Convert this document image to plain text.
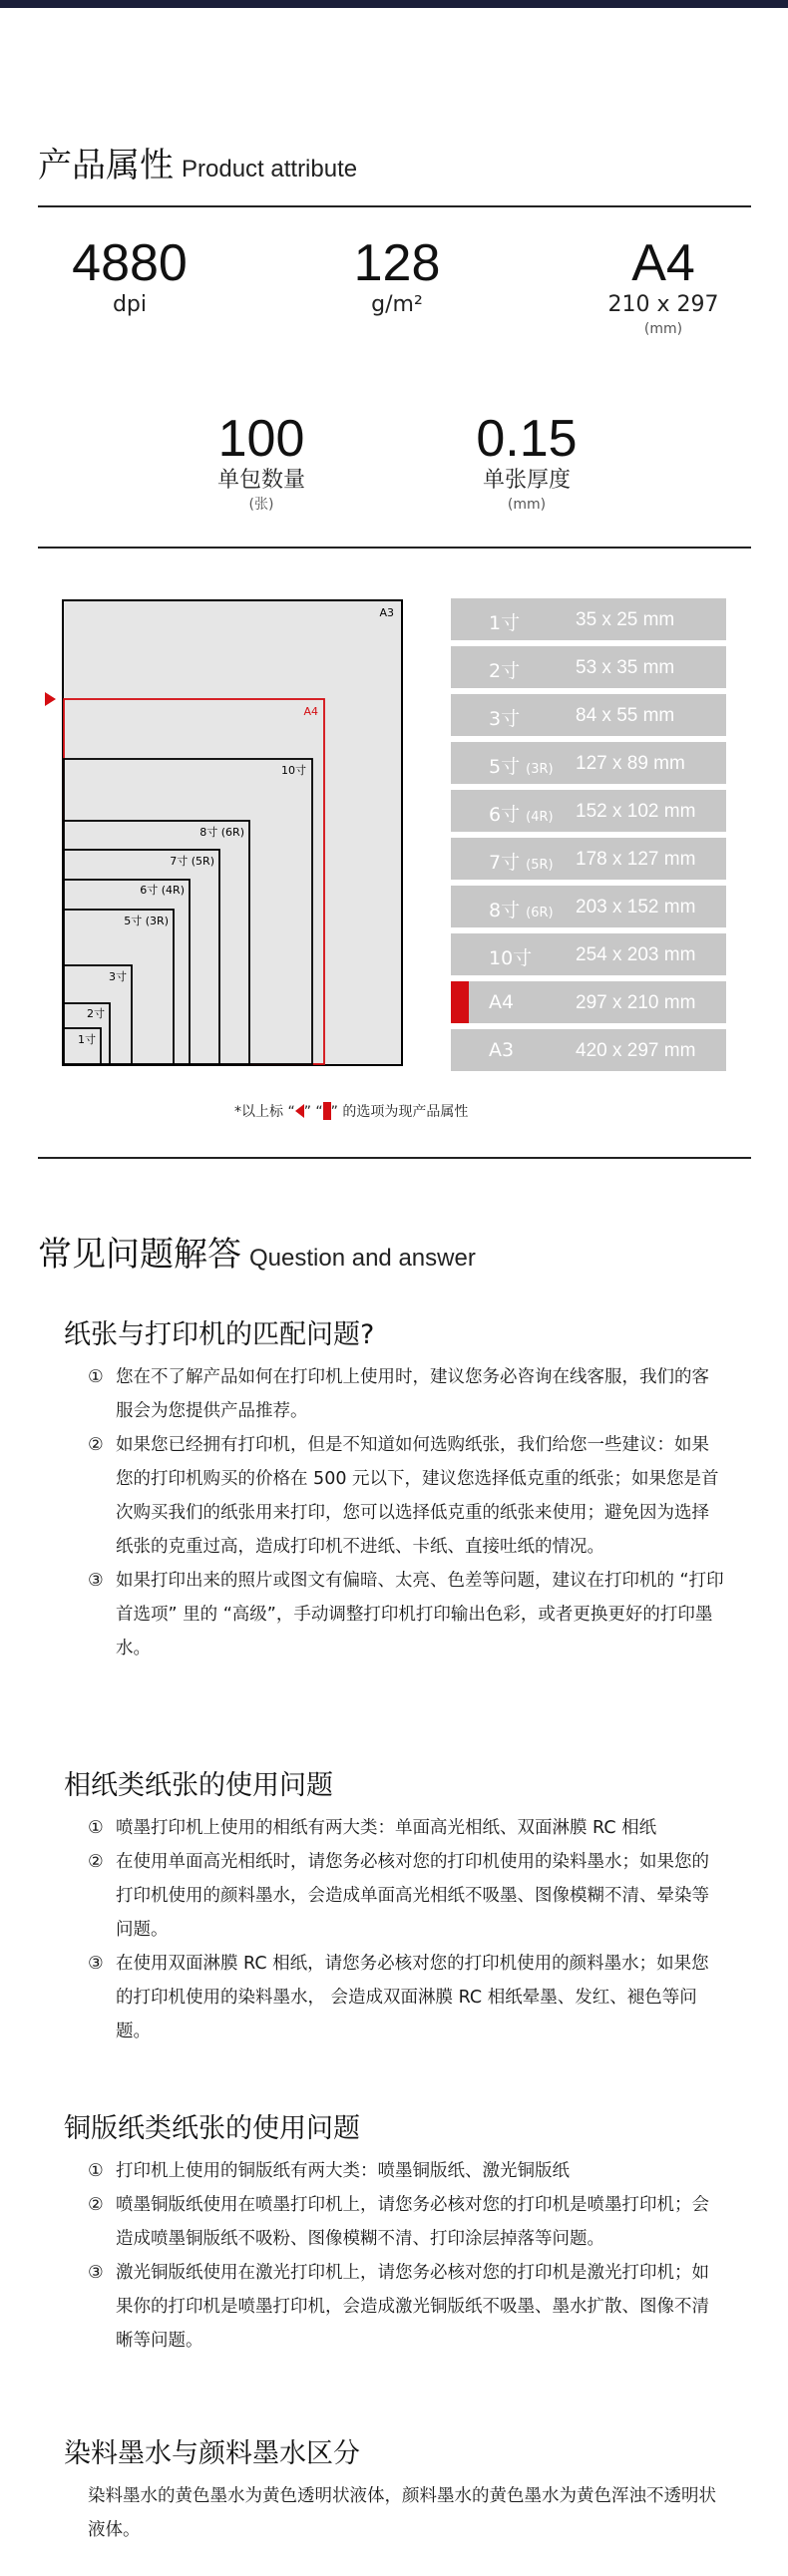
产品属性 Product attribute
4880
dpi
128
g/m²
A4
210 x 297
(mm)
100
单包数量
(张)
0.15
单张厚度
(mm)
A3
A4
10寸
8寸 (6R)
7寸 (5R)
6寸 (4R)
5寸 (3R)
3寸
2寸
1寸
1寸	35 x 25 mm
2寸	53 x 35 mm
3寸	84 x 55 mm
5寸 (3R) 127 x 89 mm
6寸 (4R) 152 x 102 mm
7寸 (5R) 178 x 127 mm
8寸 (6R) 203 x 152 mm
10寸 254 x 203 mm
A4	297 x 210 mm
A3	420 x 297 mm
*以上标 “ ” “ ” 的选项为现产品属性
常见问题解答 Question and answer
纸张与打印机的匹配问题?
① 您在不了解产品如何在打印机上使用时，建议您务必咨询在线客服，我们的客服会为您提供产品推荐。
② 如果您已经拥有打印机，但是不知道如何选购纸张，我们给您一些建议：如果您的打印机购买的价格在 500 元以下，建议您选择低克重的纸张；如果您是首次购买我们的纸张用来打印，您可以选择低克重的纸张来使用；避免因为选择纸张的克重过高，造成打印机不进纸、卡纸、直接吐纸的情况。
③ 如果打印出来的照片或图文有偏暗、太亮、色差等问题，建议在打印机的 “打印首选项” 里的 “高级”，手动调整打印机打印输出色彩，或者更换更好的打印墨水。
相纸类纸张的使用问题
① 喷墨打印机上使用的相纸有两大类：单面高光相纸、双面淋膜 RC 相纸
② 在使用单面高光相纸时，请您务必核对您的打印机使用的染料墨水；如果您的打印机使用的颜料墨水，会造成单面高光相纸不吸墨、图像模糊不清、晕染等问题。
③ 在使用双面淋膜 RC 相纸，请您务必核对您的打印机使用的颜料墨水；如果您的打印机使用的染料墨水， 会造成双面淋膜 RC 相纸晕墨、发红、褪色等问题。
铜版纸类纸张的使用问题
① 打印机上使用的铜版纸有两大类：喷墨铜版纸、激光铜版纸
② 喷墨铜版纸使用在喷墨打印机上，请您务必核对您的打印机是喷墨打印机；会造成喷墨铜版纸不吸粉、图像模糊不清、打印涂层掉落等问题。
③ 激光铜版纸使用在激光打印机上，请您务必核对您的打印机是激光打印机；如果你的打印机是喷墨打印机，会造成激光铜版纸不吸墨、墨水扩散、图像不清晰等问题。
染料墨水与颜料墨水区分
染料墨水的黄色墨水为黄色透明状液体，颜料墨水的黄色墨水为黄色浑浊不透明状液体。
